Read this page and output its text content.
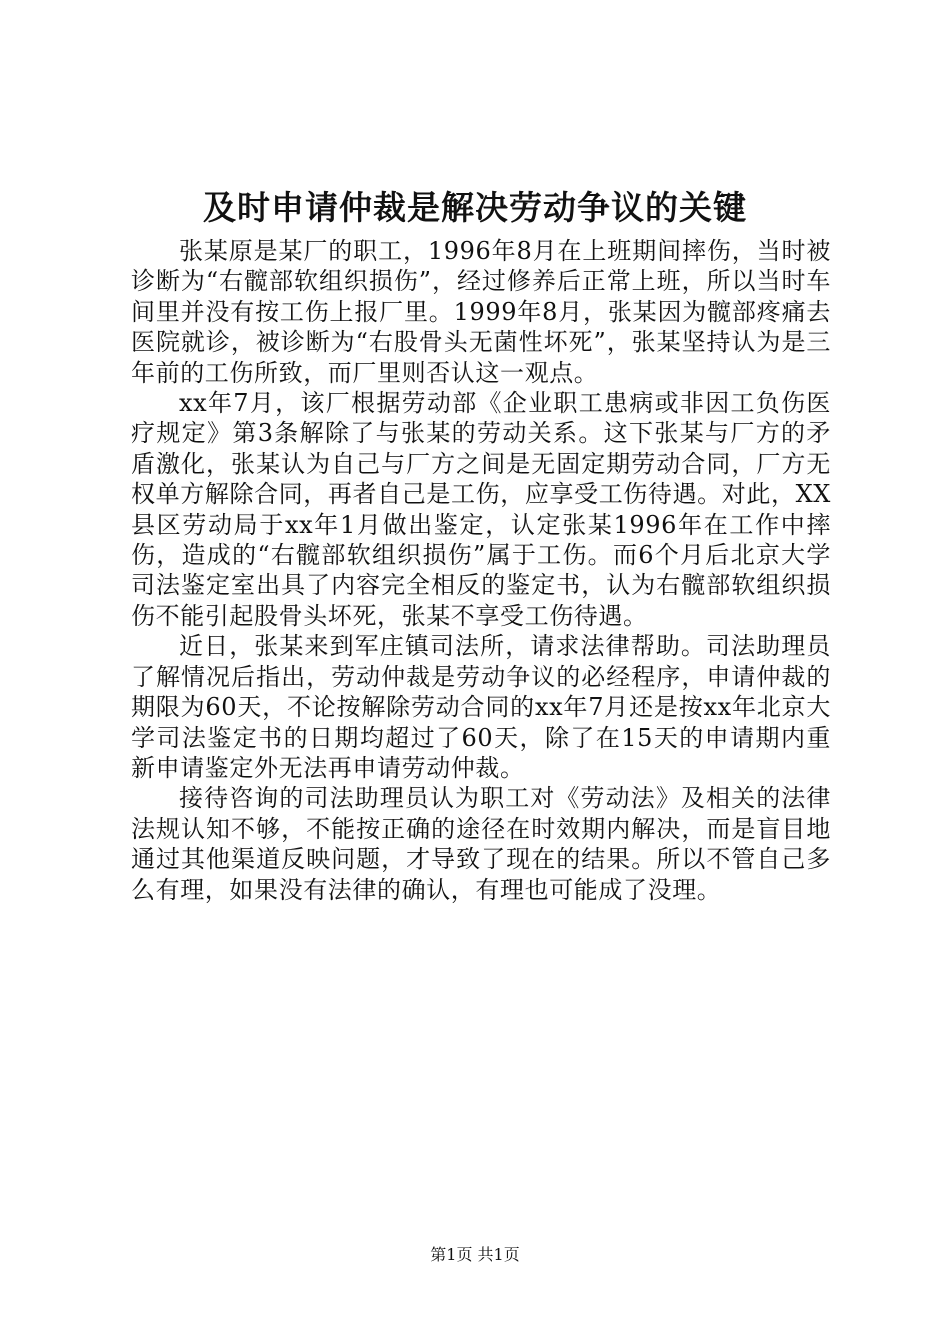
及时申请仲裁是解决劳动争议的关键

张某原是某厂的职工，1996年8月在上班期间摔伤，当时被诊断为“右髋部软组织损伤”，经过修养后正常上班，所以当时车间里并没有按工伤上报厂里。1999年8月，张某因为髋部疼痛去医院就诊，被诊断为“右股骨头无菌性坏死”，张某坚持认为是三年前的工伤所致，而厂里则否认这一观点。

xx年7月，该厂根据劳动部《企业职工患病或非因工负伤医疗规定》第3条解除了与张某的劳动关系。这下张某与厂方的矛盾激化，张某认为自己与厂方之间是无固定期劳动合同，厂方无权单方解除合同，再者自己是工伤，应享受工伤待遇。对此，XX县区劳动局于xx年1月做出鉴定，认定张某1996年在工作中摔伤，造成的“右髋部软组织损伤”属于工伤。而6个月后北京大学司法鉴定室出具了内容完全相反的鉴定书，认为右髋部软组织损伤不能引起股骨头坏死，张某不享受工伤待遇。

近日，张某来到军庄镇司法所，请求法律帮助。司法助理员了解情况后指出，劳动仲裁是劳动争议的必经程序，申请仲裁的期限为60天，不论按解除劳动合同的xx年7月还是按xx年北京大学司法鉴定书的日期均超过了60天，除了在15天的申请期内重新申请鉴定外无法再申请劳动仲裁。

接待咨询的司法助理员认为职工对《劳动法》及相关的法律法规认知不够，不能按正确的途径在时效期内解决，而是盲目地通过其他渠道反映问题，才导致了现在的结果。所以不管自己多么有理，如果没有法律的确认，有理也可能成了没理。

第1页 共1页
